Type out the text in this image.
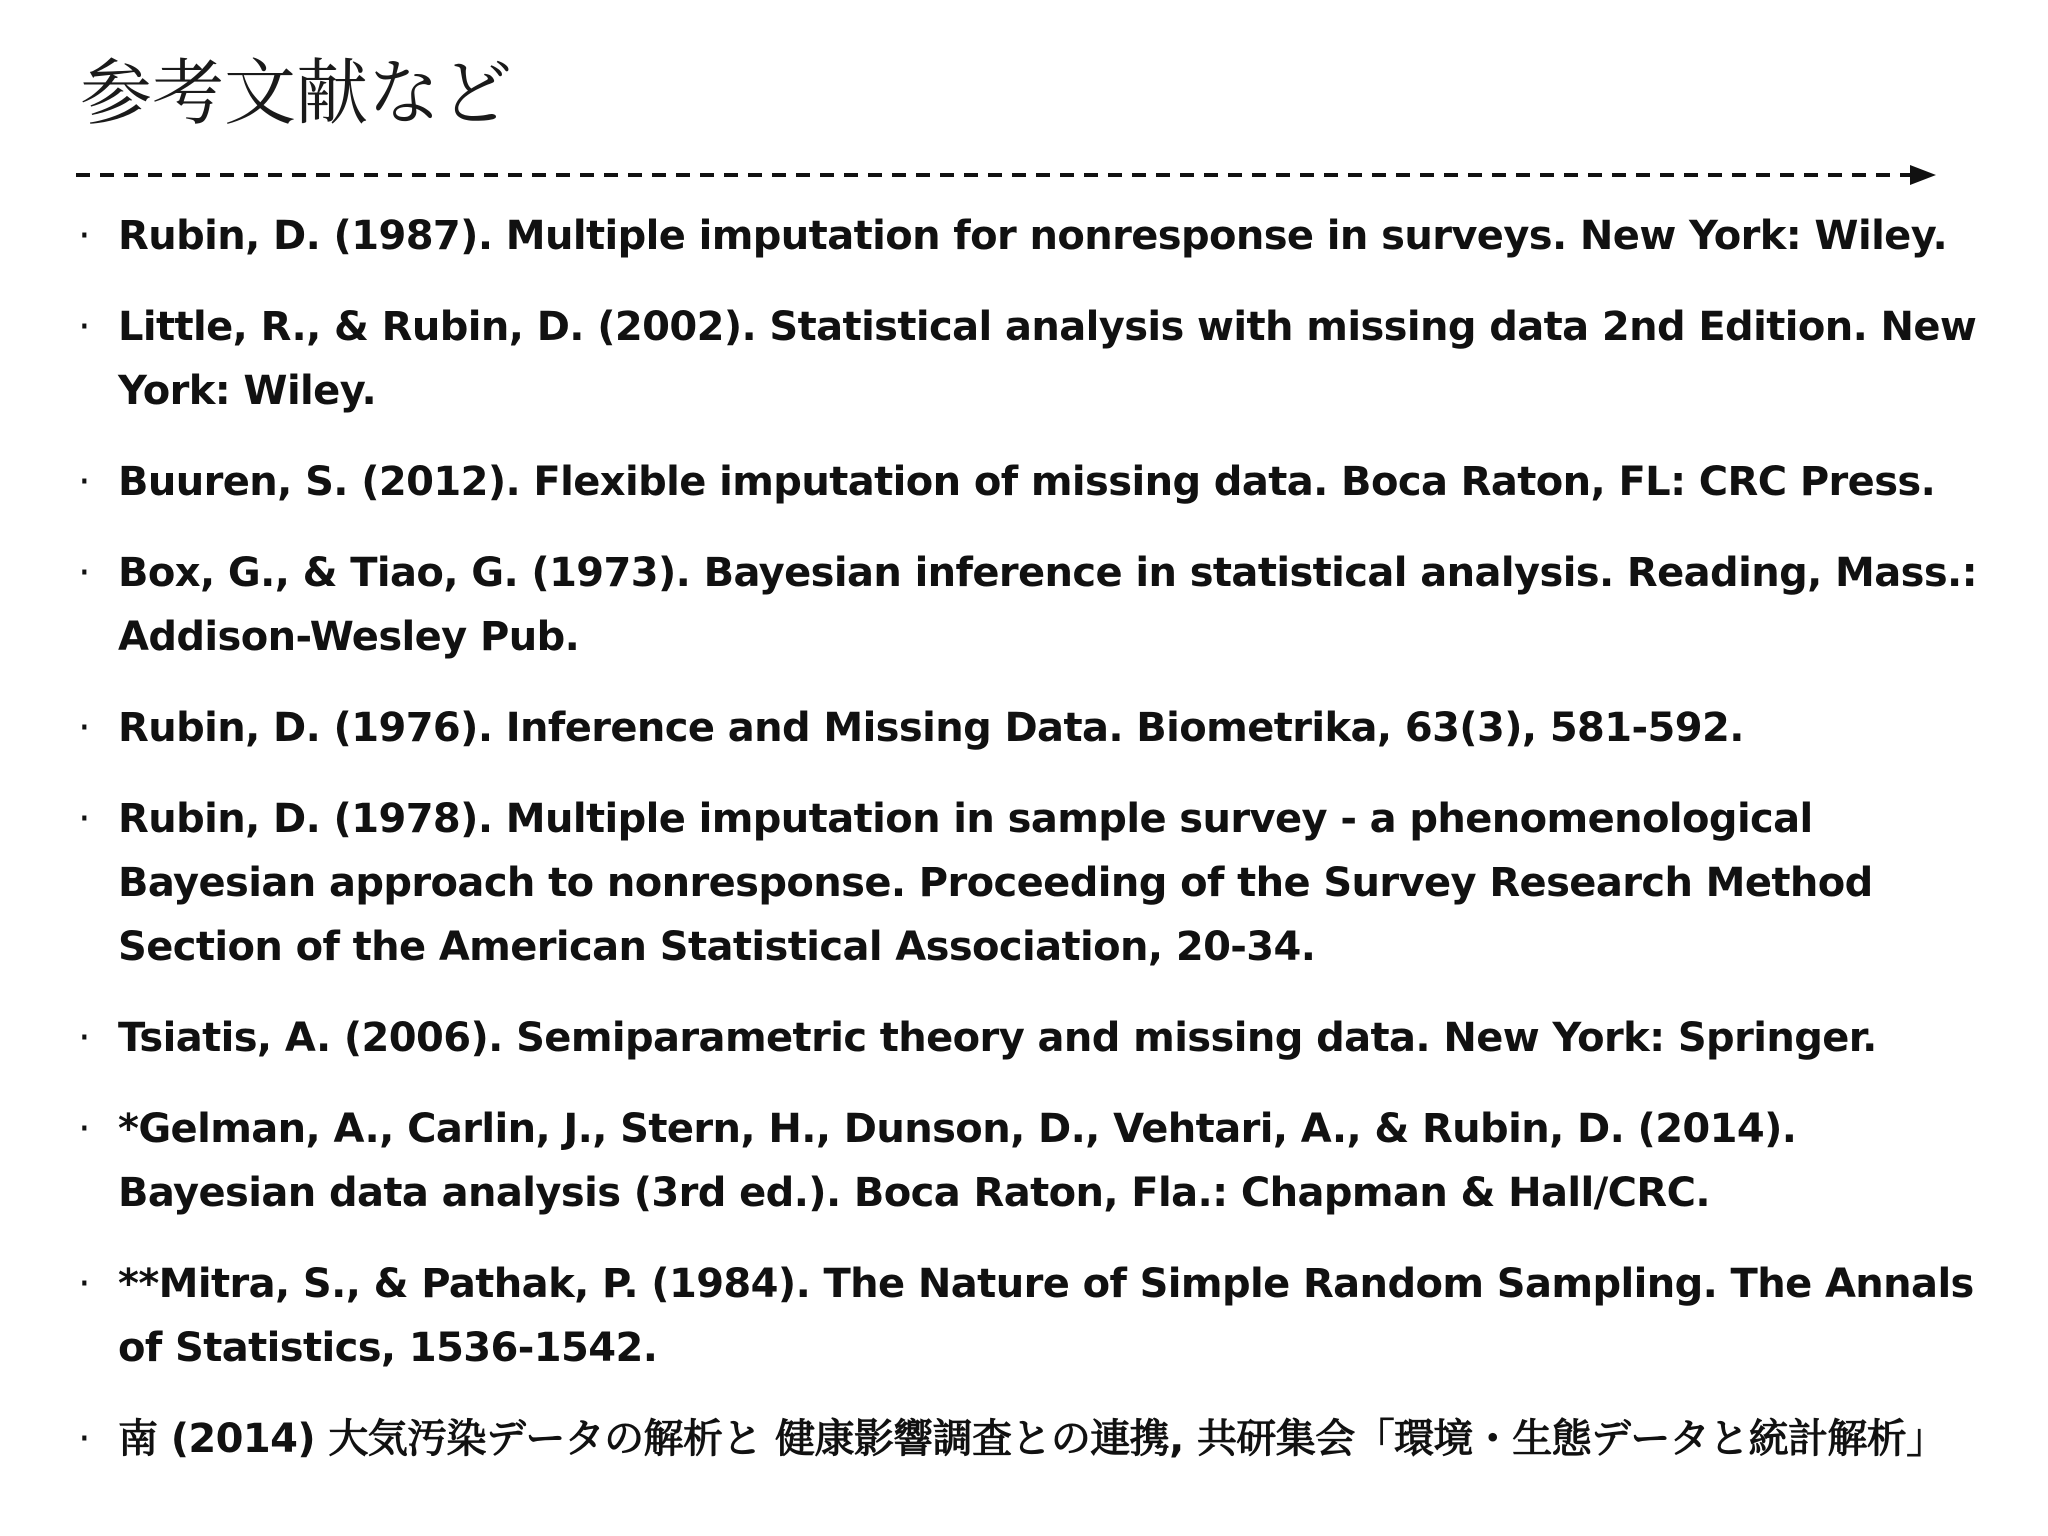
参考文献など
· Rubin, D. (1987). Multiple imputation for nonresponse in surveys. New York: Wiley.
· Little, R., & Rubin, D. (2002). Statistical analysis with missing data 2nd Edition. New York: Wiley.
· Buuren, S. (2012). Flexible imputation of missing data. Boca Raton, FL: CRC Press.
· Box, G., & Tiao, G. (1973). Bayesian inference in statistical analysis. Reading, Mass.: Addison-Wesley Pub.
· Rubin, D. (1976). Inference and Missing Data. Biometrika, 63(3), 581-592.
· Rubin, D. (1978). Multiple imputation in sample survey - a phenomenological Bayesian approach to nonresponse. Proceeding of the Survey Research Method Section of the American Statistical Association, 20-34.
· Tsiatis, A. (2006). Semiparametric theory and missing data. New York: Springer.
· *Gelman, A., Carlin, J., Stern, H., Dunson, D., Vehtari, A., & Rubin, D. (2014). Bayesian data analysis (3rd ed.). Boca Raton, Fla.: Chapman & Hall/CRC.
· **Mitra, S., & Pathak, P. (1984). The Nature of Simple Random Sampling. The Annals of Statistics, 1536-1542.
· 南 (2014) 大気汚染データの解析と 健康影響調査との連携, 共研集会「環境・生態データと統計解析」
